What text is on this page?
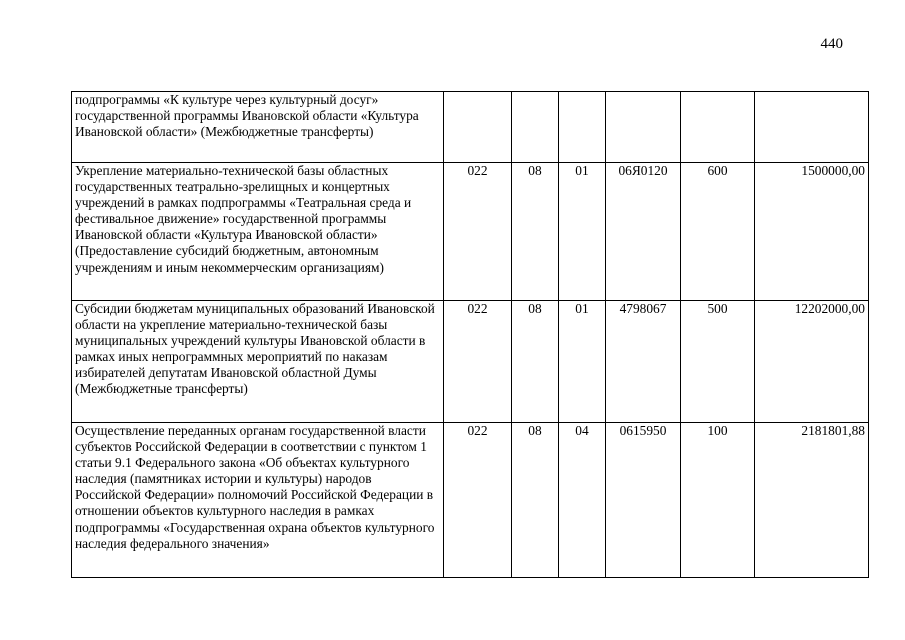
440
подпрограммы «К культуре через культурный досуг» государственной программы Ивановской области «Культура Ивановской области» (Межбюджетные трансферты)						
Укрепление материально-технической базы областных государственных театрально-зрелищных и концертных учреждений в рамках подпрограммы «Театральная среда и фестивальное движение» государственной программы Ивановской области «Культура Ивановской области» (Предоставление субсидий бюджетным, автономным учреждениям и иным некоммерческим организациям)	022	08	01	06Я0120	600	1500000,00
Субсидии бюджетам муниципальных образований Ивановской области на укрепление материально-технической базы муниципальных учреждений культуры Ивановской области в рамках иных непрограммных мероприятий по наказам избирателей депутатам Ивановской областной Думы (Межбюджетные трансферты)	022	08	01	4798067	500	12202000,00
Осуществление переданных органам государственной власти субъектов Российской Федерации в соответствии с пунктом 1 статьи 9.1 Федерального закона «Об объектах культурного наследия (памятниках истории и культуры) народов Российской Федерации» полномочий Российской Федерации в отношении объектов культурного наследия в рамках подпрограммы «Государственная охрана объектов культурного наследия федерального значения»	022	08	04	0615950	100	2181801,88
